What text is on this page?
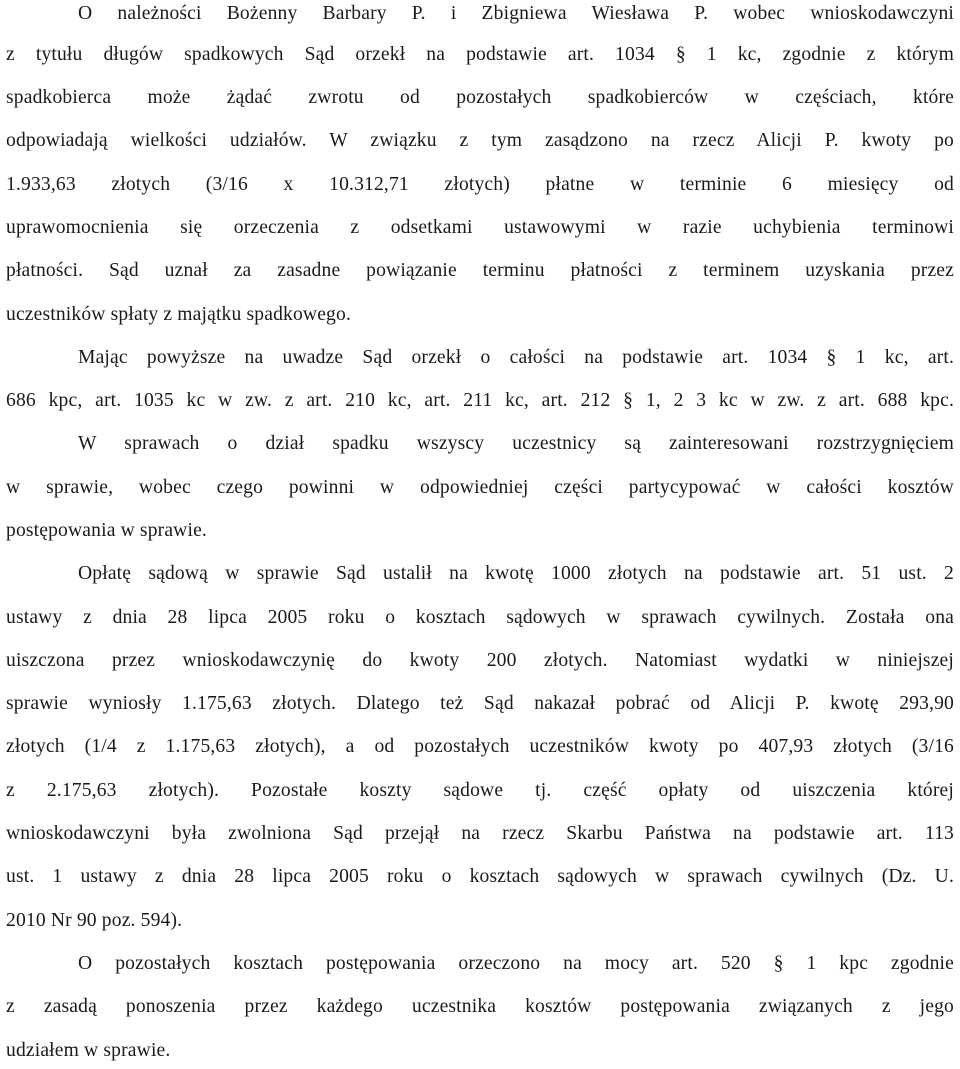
O należności Bożenny Barbary P. i Zbigniewa Wiesława P. wobec wnioskodawczyni
z tytułu długów spadkowych Sąd orzekł na podstawie art. 1034 § 1 kc, zgodnie z którym
spadkobierca może żądać zwrotu od pozostałych spadkobierców w częściach, które
odpowiadają wielkości udziałów. W związku z tym zasądzono na rzecz Alicji P. kwoty po
1.933,63 złotych (3/16 x 10.312,71 złotych) płatne w terminie 6 miesięcy od
uprawomocnienia się orzeczenia z odsetkami ustawowymi w razie uchybienia terminowi
płatności. Sąd uznał za zasadne powiązanie terminu płatności z terminem uzyskania przez
uczestników spłaty z majątku spadkowego.
Mając powyższe na uwadze Sąd orzekł o całości na podstawie art. 1034 § 1 kc, art.
686 kpc, art. 1035 kc w zw. z art. 210 kc, art. 211 kc, art. 212 § 1, 2 3 kc w zw. z art. 688 kpc.
W sprawach o dział spadku wszyscy uczestnicy są zainteresowani rozstrzygnięciem
w sprawie, wobec czego powinni w odpowiedniej części partycypować w całości kosztów
postępowania w sprawie.
Opłatę sądową w sprawie Sąd ustalił na kwotę 1000 złotych na podstawie art. 51 ust. 2
ustawy z dnia 28 lipca 2005 roku o kosztach sądowych w sprawach cywilnych. Została ona
uiszczona przez wnioskodawczynię do kwoty 200 złotych. Natomiast wydatki w niniejszej
sprawie wyniosły 1.175,63 złotych. Dlatego też Sąd nakazał pobrać od Alicji P. kwotę 293,90
złotych (1/4 z 1.175,63 złotych), a od pozostałych uczestników kwoty po 407,93 złotych (3/16
z 2.175,63 złotych). Pozostałe koszty sądowe tj. część opłaty od uiszczenia której
wnioskodawczyni była zwolniona Sąd przejął na rzecz Skarbu Państwa na podstawie art. 113
ust. 1 ustawy z dnia 28 lipca 2005 roku o kosztach sądowych w sprawach cywilnych (Dz. U.
2010 Nr 90 poz. 594).
O pozostałych kosztach postępowania orzeczono na mocy art. 520 § 1 kpc zgodnie
z zasadą ponoszenia przez każdego uczestnika kosztów postępowania związanych z jego
udziałem w sprawie.
